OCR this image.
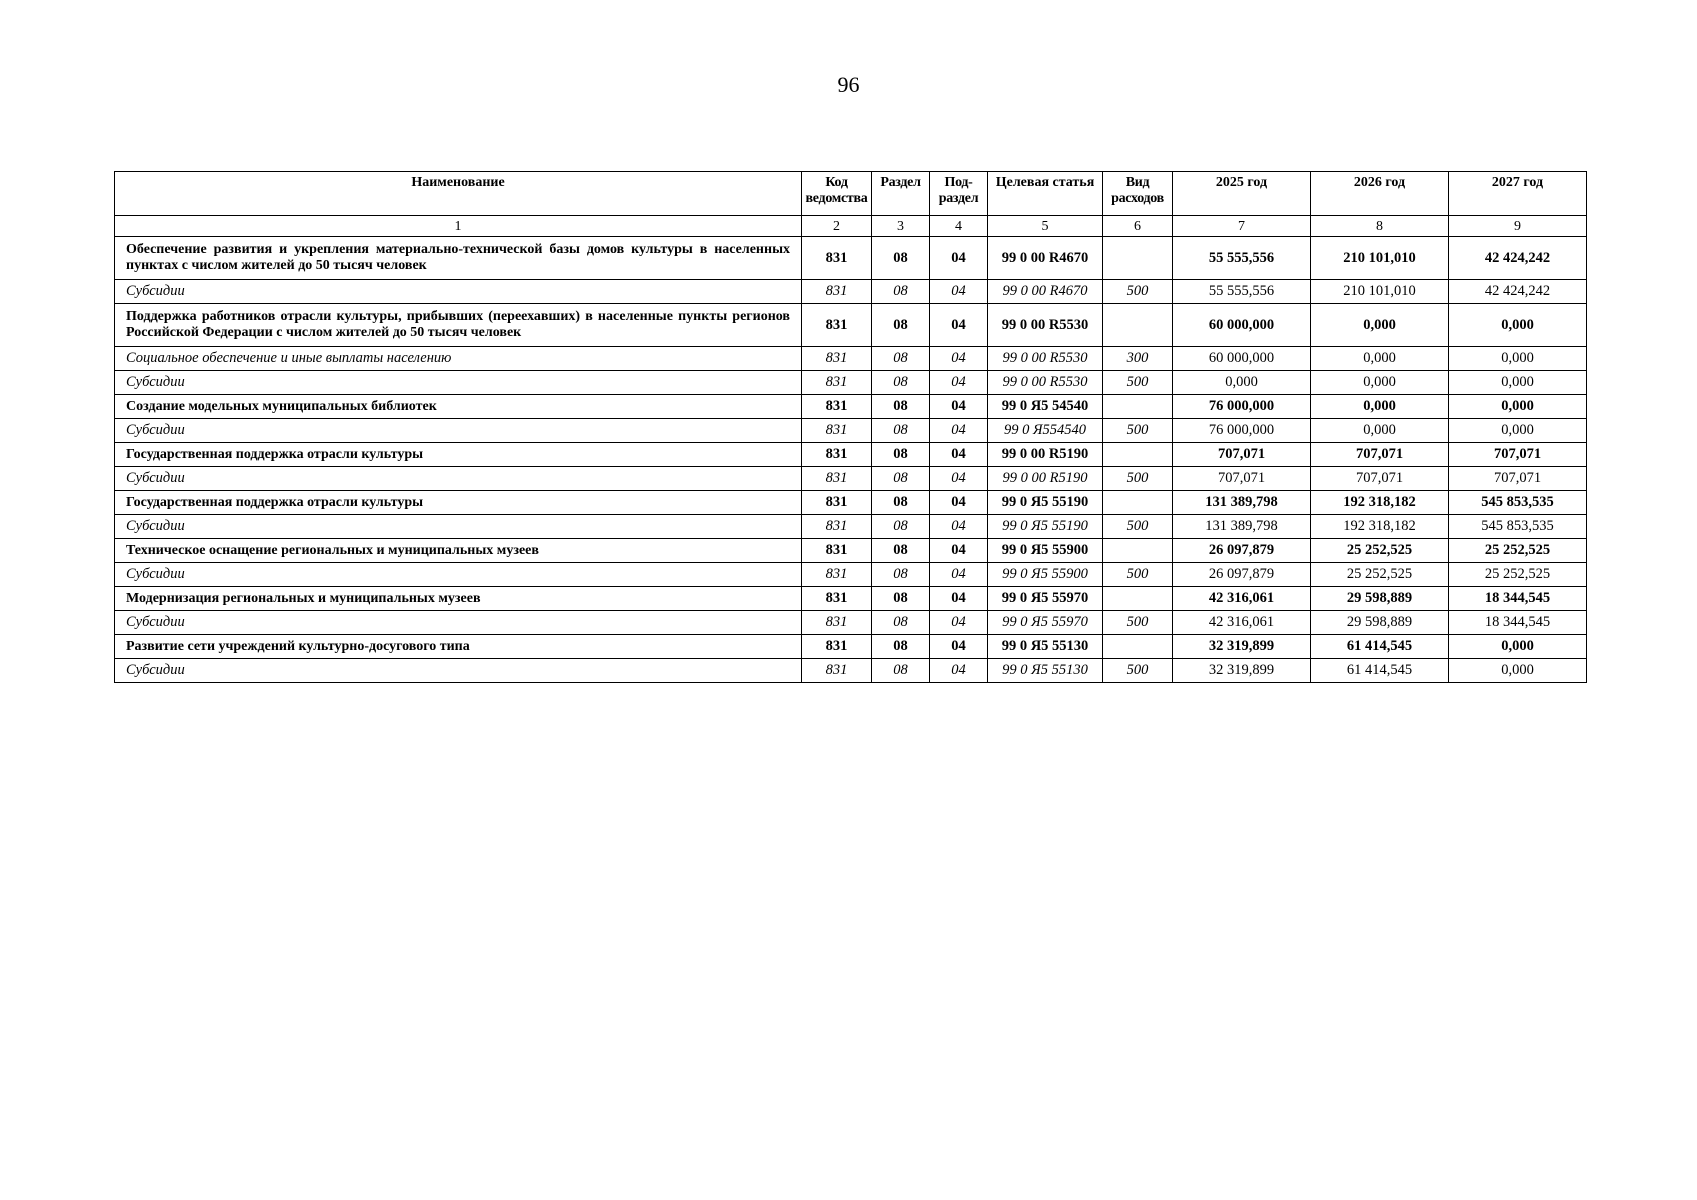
96
Наименование	Код ведомства	Раздел	Под-раздел	Целевая статья	Вид расходов	2025 год	2026 год	2027 год
1	2	3	4	5	6	7	8	9
Обеспечение развития и укрепления материально-технической базы домов культуры в населенных пунктах с числом жителей до 50 тысяч человек	831	08	04	99 0 00 R4670		55 555,556	210 101,010	42 424,242
Субсидии	831	08	04	99 0 00 R4670	500	55 555,556	210 101,010	42 424,242
Поддержка работников отрасли культуры, прибывших (переехавших) в населенные пункты регионов Российской Федерации с числом жителей до 50 тысяч человек	831	08	04	99 0 00 R5530		60 000,000	0,000	0,000
Социальное обеспечение и иные выплаты населению	831	08	04	99 0 00 R5530	300	60 000,000	0,000	0,000
Субсидии	831	08	04	99 0 00 R5530	500	0,000	0,000	0,000
Создание модельных муниципальных библиотек	831	08	04	99 0 Я5 54540		76 000,000	0,000	0,000
Субсидии	831	08	04	99 0 Я554540	500	76 000,000	0,000	0,000
Государственная поддержка отрасли культуры	831	08	04	99 0 00 R5190		707,071	707,071	707,071
Субсидии	831	08	04	99 0 00 R5190	500	707,071	707,071	707,071
Государственная поддержка отрасли культуры	831	08	04	99 0 Я5 55190		131 389,798	192 318,182	545 853,535
Субсидии	831	08	04	99 0 Я5 55190	500	131 389,798	192 318,182	545 853,535
Техническое оснащение региональных и муниципальных музеев	831	08	04	99 0 Я5 55900		26 097,879	25 252,525	25 252,525
Субсидии	831	08	04	99 0 Я5 55900	500	26 097,879	25 252,525	25 252,525
Модернизация региональных и муниципальных музеев	831	08	04	99 0 Я5 55970		42 316,061	29 598,889	18 344,545
Субсидии	831	08	04	99 0 Я5 55970	500	42 316,061	29 598,889	18 344,545
Развитие сети учреждений культурно-досугового типа	831	08	04	99 0 Я5 55130		32 319,899	61 414,545	0,000
Субсидии	831	08	04	99 0 Я5 55130	500	32 319,899	61 414,545	0,000
